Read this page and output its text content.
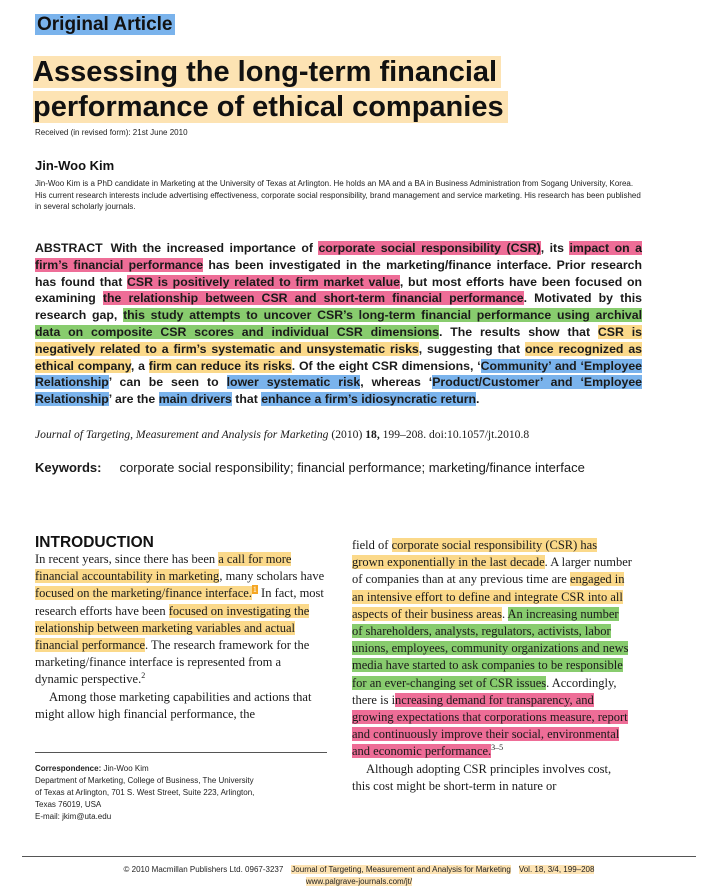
Original Article
Assessing the long-term financial performance of ethical companies
Received (in revised form): 21st June 2010
Jin-Woo Kim

Jin-Woo Kim is a PhD candidate in Marketing at the University of Texas at Arlington. He holds an MA and a BA in Business Administration from Sogang University, Korea. His current research interests include advertising effectiveness, corporate social responsibility, brand management and service marketing. His research has been published in several scholarly journals.

ABSTRACT With the increased importance of corporate social responsibility (CSR), its impact on a firm’s financial performance has been investigated in the marketing/finance interface. Prior research has found that CSR is positively related to firm market value, but most efforts have been focused on examining the relationship between CSR and short-term financial performance. Motivated by this research gap, this study attempts to uncover CSR’s long-term financial performance using archival data on composite CSR scores and individual CSR dimensions. The results show that CSR is negatively related to a firm’s systematic and unsystematic risks, suggesting that once recognized as ethical company, a firm can reduce its risks. Of the eight CSR dimensions, ‘Community’ and ‘Employee Relationship’ can be seen to lower systematic risk, whereas ‘Product/Customer’ and ‘Employee Relationship’ are the main drivers that enhance a firm’s idiosyncratic return.

Journal of Targeting, Measurement and Analysis for Marketing (2010) 18, 199–208. doi:10.1057/jt.2010.8

Keywords: corporate social responsibility; financial performance; marketing/finance interface

INTRODUCTION

In recent years, since there has been a call for more financial accountability in marketing, many scholars have focused on the marketing/finance interface.$^1$ In fact, most research efforts have been focused on investigating the relationship between marketing variables and actual financial performance. The research framework for the marketing/finance interface is represented from a dynamic perspective.$^2$

Among those marketing capabilities and actions that might allow high financial performance, the

field of corporate social responsibility (CSR) has grown exponentially in the last decade. A larger number of companies than at any previous time are engaged in an intensive effort to define and integrate CSR into all aspects of their business areas. An increasing number of shareholders, analysts, regulators, activists, labor unions, employees, community organizations and news media have started to ask companies to be responsible for an ever-changing set of CSR issues. Accordingly, there is increasing demand for transparency, and growing expectations that corporations measure, report and continuously improve their social, environmental and economic performance.$^{3-5}$

Although adopting CSR principles involves cost, this cost might be short-term in nature or

Correspondence: Jin-Woo Kim
Department of Marketing, College of Business, The University
of Texas at Arlington, 701 S. West Street, Suite 223, Arlington,
Texas 76019, USA
E-mail: jkim@uta.edu
© 2010 Macmillan Publishers Ltd. 0967-3237 Journal of Targeting, Measurement and Analysis for Marketing Vol. 18, 3/4, 199–208
www.palgrave-journals.com/jt/
